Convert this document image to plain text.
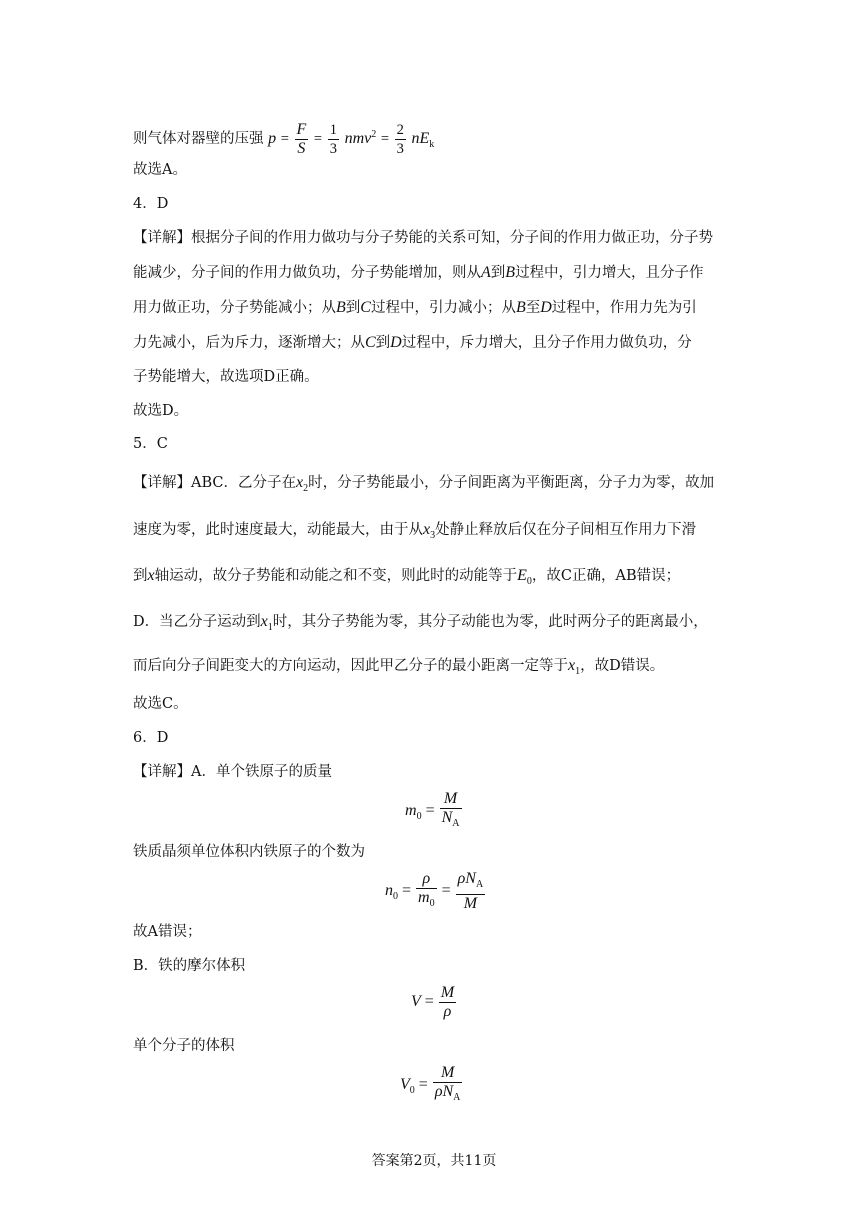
则气体对器壁的压强 $p = \frac{F}{S} = \frac{1}{3} nmv^2 = \frac{2}{3} nE_k$
故选A。
4．D
【详解】根据分子间的作用力做功与分子势能的关系可知，分子间的作用力做正功，分子势
能减少，分子间的作用力做负功，分子势能增加，则从A到B过程中，引力增大，且分子作
用力做正功，分子势能减小；从B到C过程中，引力减小；从B至D过程中，作用力先为引
力先减小，后为斥力，逐渐增大；从C到D过程中，斥力增大，且分子作用力做负功，分
子势能增大，故选项D正确。
故选D。
5．C
【详解】ABC．乙分子在$x_2$时，分子势能最小，分子间距离为平衡距离，分子力为零，故加
速度为零，此时速度最大，动能最大，由于从$x_3$处静止释放后仅在分子间相互作用力下滑
到x轴运动，故分子势能和动能之和不变，则此时的动能等于$E_0$，故C正确，AB错误；
D．当乙分子运动到$x_1$时，其分子势能为零，其分子动能也为零，此时两分子的距离最小，
而后向分子间距变大的方向运动，因此甲乙分子的最小距离一定等于$x_1$，故D错误。
故选C。
6．D
【详解】A．单个铁原子的质量
$m_0 = \frac{M}{N_A}$
铁质晶须单位体积内铁原子的个数为
$n_0 = \frac{\rho}{m_0} = \frac{\rho N_A}{M}$
故A错误；
B．铁的摩尔体积
$V = \frac{M}{\rho}$
单个分子的体积
$V_0 = \frac{M}{\rho N_A}$
答案第2页，共11页
